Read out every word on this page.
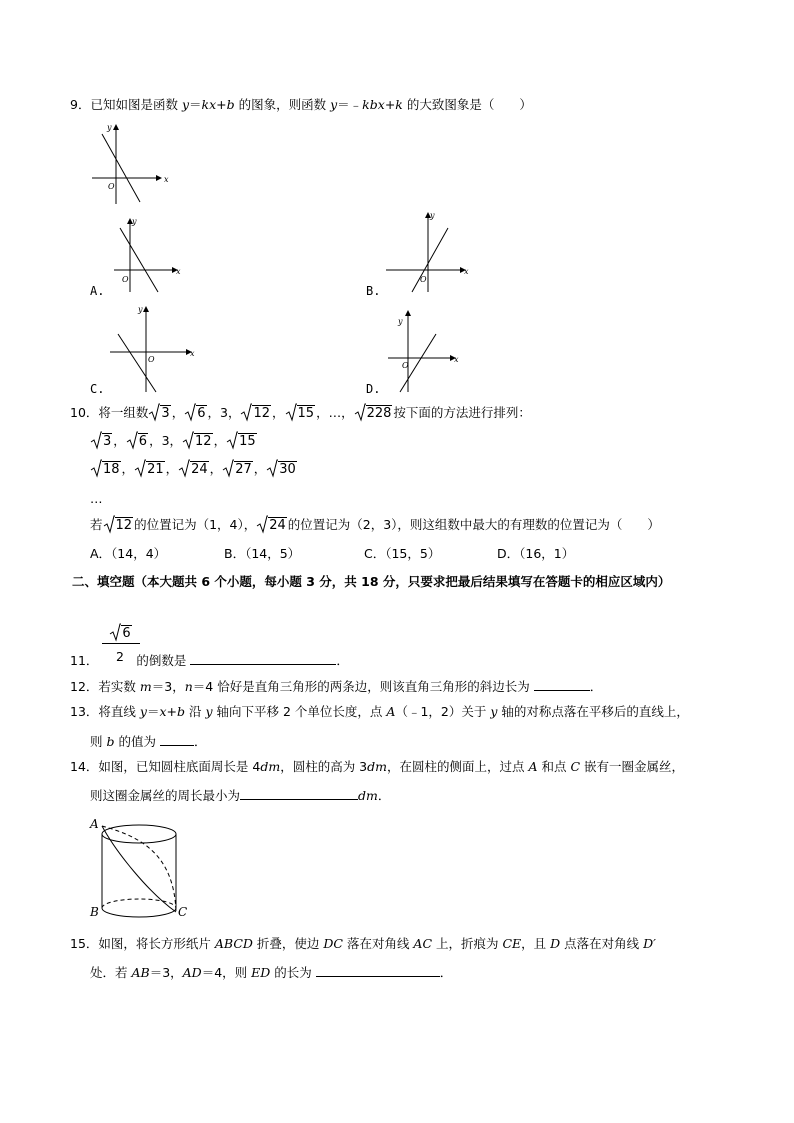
9．已知如图是函数 y＝kx+b 的图象，则函数 y＝﹣kbx+k 的大致图象是（　　）
x
y
O
x
y
O
A.
x
y
O
B.
x
y
O
C.
x
y
O
D.
10．将一组数 3 ， 6 ，3， 12 ， 15 ，…， 228 按下面的方法进行排列：
3 ， 6 ，3， 12 ， 15
18 ， 21 ， 24 ， 27 ， 30
…
若 12 的位置记为（1，4）， 24 的位置记为（2，3），则这组数中最大的有理数的位置记为（　　）
A．（14，4）	B．（14，5）	C．（15，5）	D．（16，1）
二、填空题（本大题共 6 个小题，每小题 3 分，共 18 分，只要求把最后结果填写在答题卡的相应区域内）
6
2
11．	的倒数是	．
12．若实数 m＝3，n＝4 恰好是直角三角形的两条边，则该直角三角形的斜边长为	．
13．将直线 y＝x+b 沿 y 轴向下平移 2 个单位长度，点 A（﹣1，2）关于 y 轴的对称点落在平移后的直线上，
则 b 的值为	．
14．如图，已知圆柱底面周长是 4dm，圆柱的高为 3dm，在圆柱的侧面上，过点 A 和点 C 嵌有一圈金属丝，
则这圈金属丝的周长最小为	dm．
A
B	C
15．如图，将长方形纸片 ABCD 折叠，使边 DC 落在对角线 AC 上，折痕为 CE，且 D 点落在对角线 D′
处．若 AB＝3，AD＝4，则 ED 的长为	．
